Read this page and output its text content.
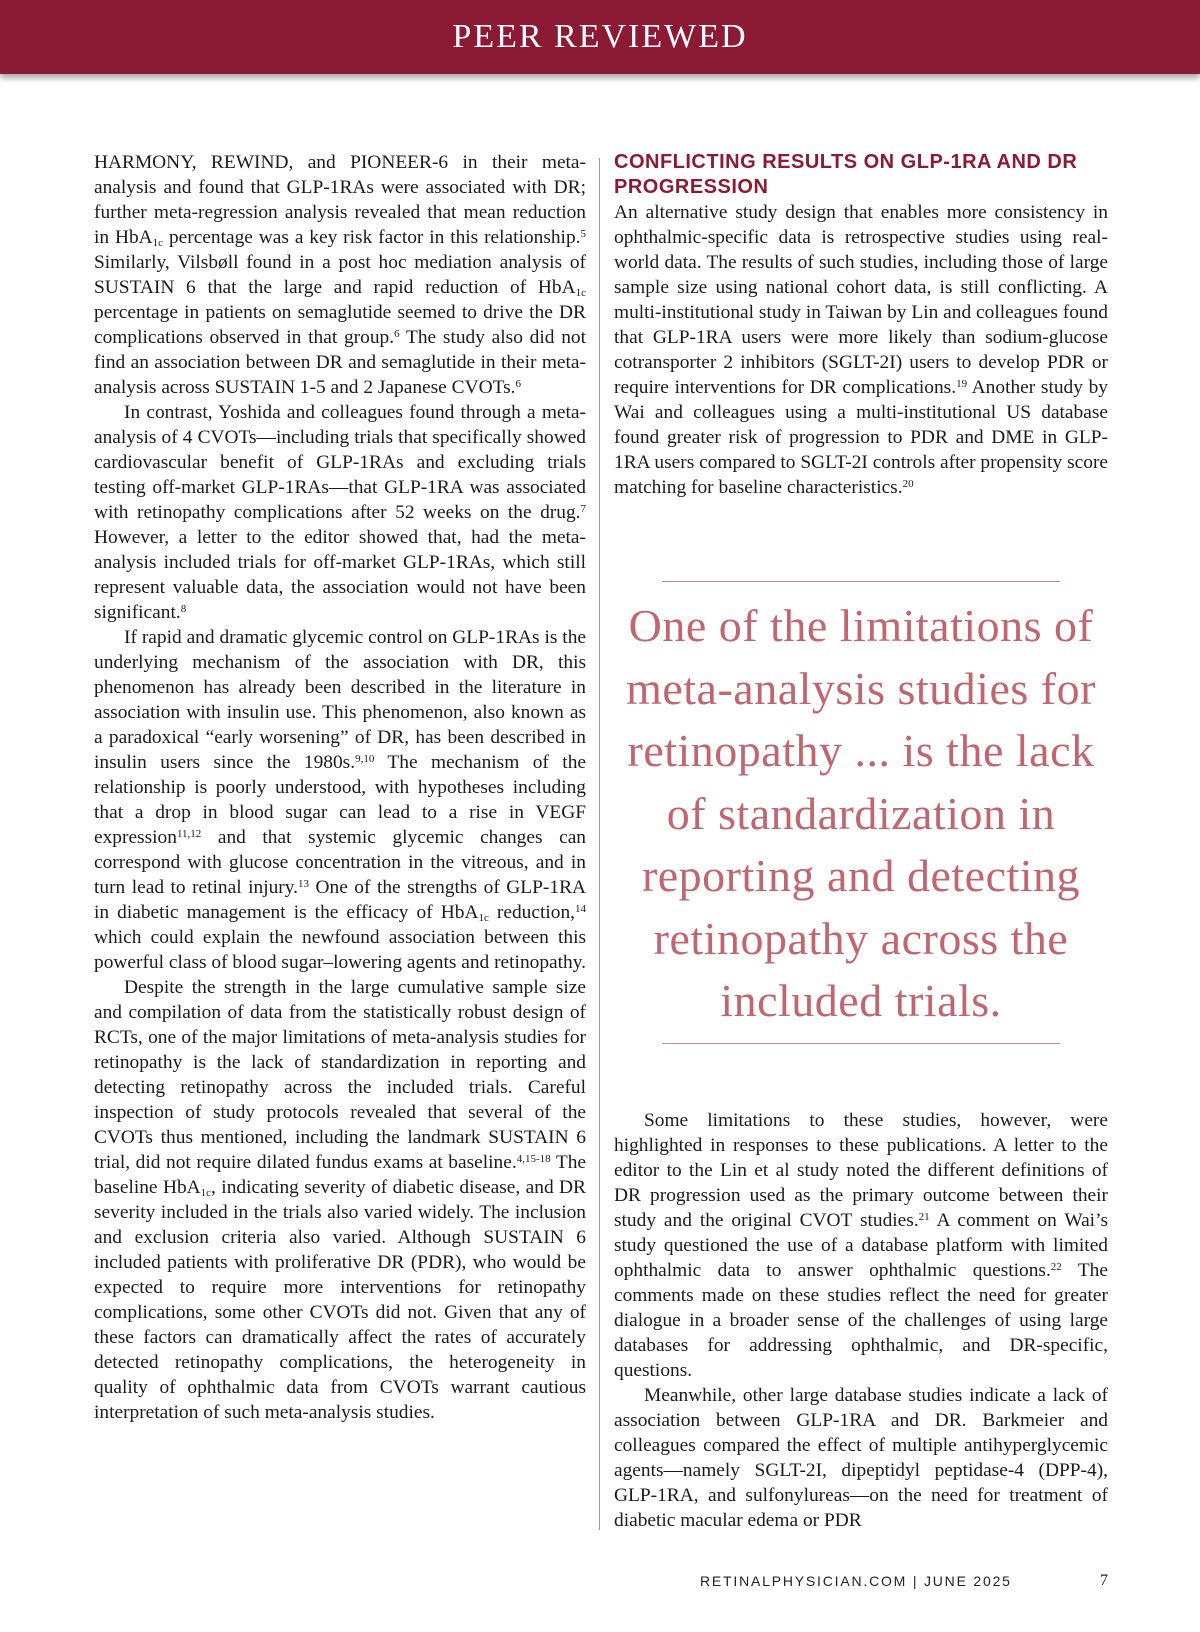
PEER REVIEWED

HARMONY, REWIND, and PIONEER-6 in their meta-analysis and found that GLP-1RAs were associated with DR; further meta-regression analysis revealed that mean reduction in HbA$_{1c}$ percentage was a key risk factor in this relationship.$^5$ Similarly, Vilsbøll found in a post hoc mediation analysis of SUSTAIN 6 that the large and rapid reduction of HbA$_{1c}$ percentage in patients on semaglutide seemed to drive the DR complications observed in that group.$^6$ The study also did not find an association between DR and semaglutide in their meta-analysis across SUSTAIN 1-5 and 2 Japanese CVOTs.$^6$

In contrast, Yoshida and colleagues found through a meta-analysis of 4 CVOTs—including trials that specifically showed cardiovascular benefit of GLP-1RAs and excluding trials testing off-market GLP-1RAs—that GLP-1RA was associated with retinopathy complications after 52 weeks on the drug.$^7$ However, a letter to the editor showed that, had the meta-analysis included trials for off-market GLP-1RAs, which still represent valuable data, the association would not have been significant.$^8$

If rapid and dramatic glycemic control on GLP-1RAs is the underlying mechanism of the association with DR, this phenomenon has already been described in the literature in association with insulin use. This phenomenon, also known as a paradoxical “early worsening” of DR, has been described in insulin users since the 1980s.$^{9,10}$ The mechanism of the relationship is poorly understood, with hypotheses including that a drop in blood sugar can lead to a rise in VEGF expression$^{11,12}$ and that systemic glycemic changes can correspond with glucose concentration in the vitreous, and in turn lead to retinal injury.$^{13}$ One of the strengths of GLP-1RA in diabetic management is the efficacy of HbA$_{1c}$ reduction,$^{14}$ which could explain the newfound association between this powerful class of blood sugar–lowering agents and retinopathy.

Despite the strength in the large cumulative sample size and compilation of data from the statistically robust design of RCTs, one of the major limitations of meta-analysis studies for retinopathy is the lack of standardization in reporting and detecting retinopathy across the included trials. Careful inspection of study protocols revealed that several of the CVOTs thus mentioned, including the landmark SUSTAIN 6 trial, did not require dilated fundus exams at baseline.$^{4,15-18}$ The baseline HbA$_{1c}$, indicating severity of diabetic disease, and DR severity included in the trials also varied widely. The inclusion and exclusion criteria also varied. Although SUSTAIN 6 included patients with proliferative DR (PDR), who would be expected to require more interventions for retinopathy complications, some other CVOTs did not. Given that any of these factors can dramatically affect the rates of accurately detected retinopathy complications, the heterogeneity in quality of ophthalmic data from CVOTs warrant cautious interpretation of such meta-analysis studies.

CONFLICTING RESULTS ON GLP-1RA AND DR PROGRESSION

An alternative study design that enables more consistency in ophthalmic-specific data is retrospective studies using real-world data. The results of such studies, including those of large sample size using national cohort data, is still conflicting. A multi-institutional study in Taiwan by Lin and colleagues found that GLP-1RA users were more likely than sodium-glucose cotransporter 2 inhibitors (SGLT-2I) users to develop PDR or require interventions for DR complications.$^{19}$ Another study by Wai and colleagues using a multi-institutional US database found greater risk of progression to PDR and DME in GLP-1RA users compared to SGLT-2I controls after propensity score matching for baseline characteristics.$^{20}$

One of the limitations of meta-analysis studies for retinopathy ... is the lack of standardization in reporting and detecting retinopathy across the included trials.

Some limitations to these studies, however, were highlighted in responses to these publications. A letter to the editor to the Lin et al study noted the different definitions of DR progression used as the primary outcome between their study and the original CVOT studies.$^{21}$ A comment on Wai’s study questioned the use of a database platform with limited ophthalmic data to answer ophthalmic questions.$^{22}$ The comments made on these studies reflect the need for greater dialogue in a broader sense of the challenges of using large databases for addressing ophthalmic, and DR-specific, questions.

Meanwhile, other large database studies indicate a lack of association between GLP-1RA and DR. Barkmeier and colleagues compared the effect of multiple antihyperglycemic agents—namely SGLT-2I, dipeptidyl peptidase-4 (DPP-4), GLP-1RA, and sulfonylureas—on the need for treatment of diabetic macular edema or PDR

RETINALPHYSICIAN.COM | JUNE 2025	7
